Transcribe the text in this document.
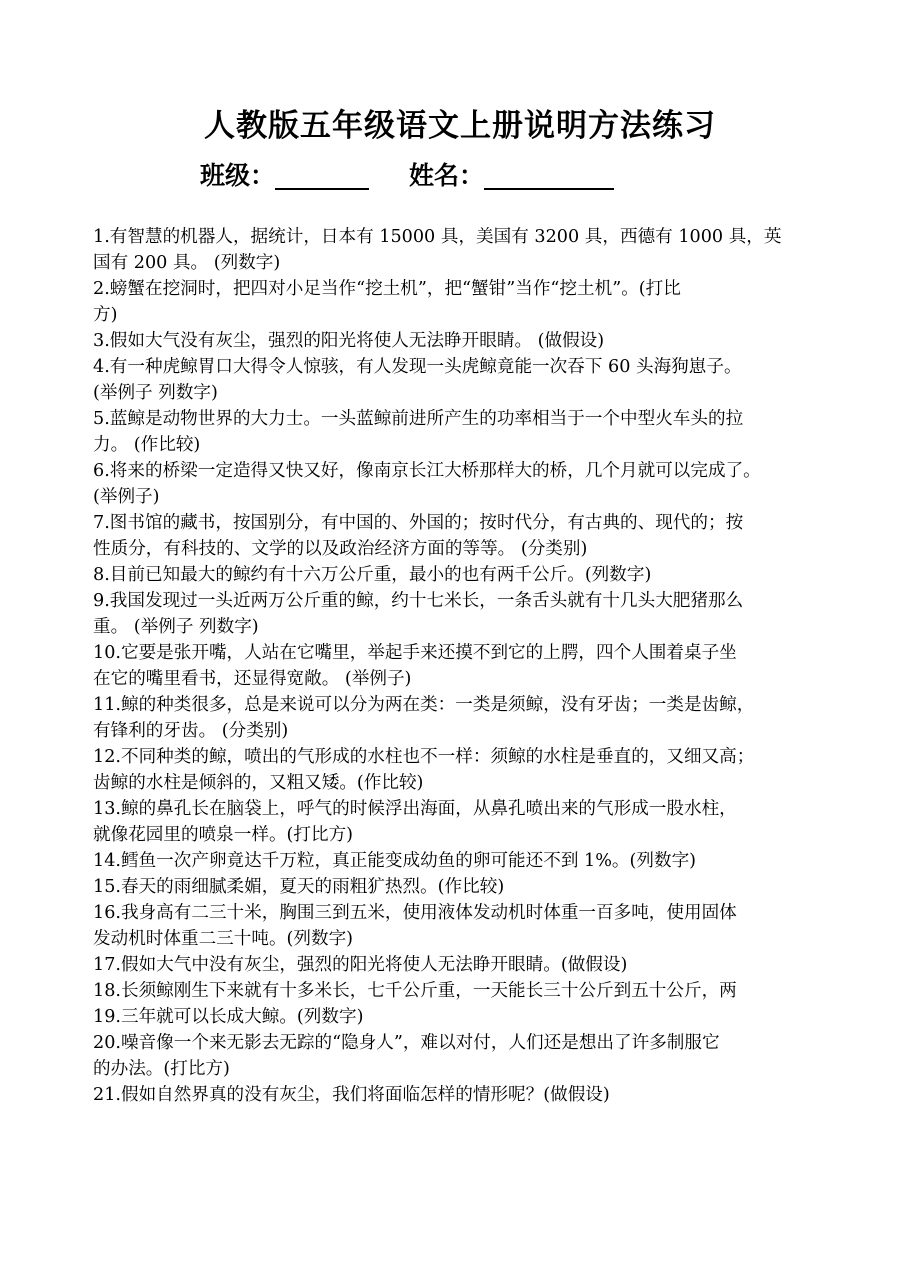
人教版五年级语文上册说明方法练习
班级：	姓名：
1.有智慧的机器人，据统计，日本有 15000 具，美国有 3200 具，西德有 1000 具，英
国有 200 具。 (列数字)
2.螃蟹在挖洞时，把四对小足当作“挖土机”，把“蟹钳”当作“挖土机”。(打比
方)
3.假如大气没有灰尘，强烈的阳光将使人无法睁开眼睛。 (做假设)
4.有一种虎鲸胃口大得令人惊骇，有人发现一头虎鲸竟能一次吞下 60 头海狗崽子。
(举例子 列数字)
5.蓝鲸是动物世界的大力士。一头蓝鲸前进所产生的功率相当于一个中型火车头的拉
力。 (作比较)
6.将来的桥梁一定造得又快又好，像南京长江大桥那样大的桥，几个月就可以完成了。
(举例子)
7.图书馆的藏书，按国别分，有中国的、外国的；按时代分，有古典的、现代的；按
性质分，有科技的、文学的以及政治经济方面的等等。 (分类别)
8.目前已知最大的鲸约有十六万公斤重，最小的也有两千公斤。(列数字)
9.我国发现过一头近两万公斤重的鲸，约十七米长，一条舌头就有十几头大肥猪那么
重。 (举例子 列数字)
10.它要是张开嘴，人站在它嘴里，举起手来还摸不到它的上腭，四个人围着桌子坐
在它的嘴里看书，还显得宽敞。 (举例子)
11.鲸的种类很多，总是来说可以分为两在类：一类是须鲸，没有牙齿；一类是齿鲸，
有锋利的牙齿。 (分类别)
12.不同种类的鲸，喷出的气形成的水柱也不一样：须鲸的水柱是垂直的，又细又高；
齿鲸的水柱是倾斜的，又粗又矮。(作比较)
13.鲸的鼻孔长在脑袋上，呼气的时候浮出海面，从鼻孔喷出来的气形成一股水柱，
就像花园里的喷泉一样。(打比方)
14.鳕鱼一次产卵竟达千万粒，真正能变成幼鱼的卵可能还不到 1%。(列数字)
15.春天的雨细腻柔媚，夏天的雨粗犷热烈。(作比较)
16.我身高有二三十米，胸围三到五米，使用液体发动机时体重一百多吨，使用固体
发动机时体重二三十吨。(列数字)
17.假如大气中没有灰尘，强烈的阳光将使人无法睁开眼睛。(做假设)
18.长须鲸刚生下来就有十多米长，七千公斤重，一天能长三十公斤到五十公斤，两
19.三年就可以长成大鲸。(列数字)
20.噪音像一个来无影去无踪的“隐身人”，难以对付，人们还是想出了许多制服它
的办法。(打比方)
21.假如自然界真的没有灰尘，我们将面临怎样的情形呢？(做假设)
